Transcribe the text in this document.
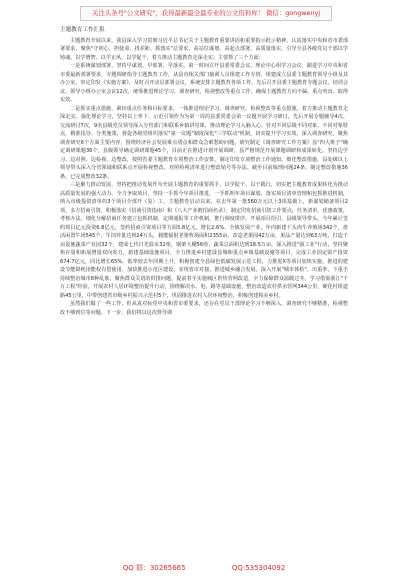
关注头条号"公文研究"，获得最新最全最专业的公文资料库！ 微信：gongwenyj

主题教育工作汇报

主题教育开展以来，我县深入学习贯彻习近平总书记关于主题教育重要讲话和重要指示批示精神，认真落实中央和省市委部署要求，聚焦"守初心、担使命，找差距、抓落实"总要求，高站位谋划、高起点部署、高质量落实，引导全县各级党员干部以学铸魂、以学增智、以学正风、以学促干，着力推动主题教育走深走实。主要抓了三个方面：

一是系统谋划部署，坚持早谋划、早部署、早落实。第一时间召开县委常委会议、理论中心组学习会议，跟进学习中央和省市委最新部署要求，专题调研指导主题教育工作，从县直相关部门抽调人员组建工作专班，组建成立县委主题教育领导小组及其办公室，审定印发《实施方案》，及时召开动员部署会议，系统安排主题教育各项工作。先后召开县委主题教育专题会议，培训会议、领导小组办公室会议12次，统筹推进理论学习、调查研究、检视整改等重点工作，确保主题教育方向不偏、重点突出、取得实效。

二是抓实重点措施，紧扣重点任务和目标要求，一体推进理论学习、调查研究、检视整改等重点措施。着力推动主题教育走深走实。强化理论学习，坚持以上率下、示范引领作为为第一周的县委常委会第一议题开展学习研讨，先后开展专题辅导4次、交流研讨7次，9名县级党员领导深入分管部门和联系乡镇讲党课，推动理论学习入脑入心。针对不同层级不同对象、不同对象特点，精准指导、分类施策，督促各级党组织落实"第一议题"制度深化"三学联动"机制，切实提升学习实效。深入调查研究，聚焦调查研究6个方面主要内容，围绕经济社会发展难点堵点和群众急难愁盼问题，研究制定《调查研究工作方案》县"四大班子"确定调研课题36个，县级领导确定调研课题45个，目前正在推进计划开展调研，县严格规范开展课题调研和成果转化。坚持边学习、边对照、边检视、边整改，按照省委主题教育专项整治工作安排，制定印发专项整治工作通知，细化整改措施，县处级以上领导带头深入分管领域和联系点开展检视整改，对照检视清单进行整改销号等办法。截至目前梳理问题24条，制定整改措施36条，已完成整改32条。

三是聚力推动发展，坚持把推动发展作为开展主题教育的重要抓手，以学促干、以干践行，切实把主题教育成果转化为推动高质量发展的强大动力。全力争取项目，坚持一手抓今年项目推进，一手抓明年项目谋划，落实项目清单管理和包抓推进机制，纳入市级投资清单的3个项目全部开（复）工，主题教育启动以来，在去年第一批560万元以上3项基础上，新谋划储备项目2项，多方招商引资，积极落实《招商引资指南》和《八大产业链招商名录》，制定印发招商引资工作要点，任务清单，优惠政策，考核办法，细化分解招商任务建立包抓机制，定期通报等工作机制，推行调度排序，开展项目招引，县级领导带头，今年累计签约项目亿元投资6.8亿元，签约招商引资项目等方面5.8亿元。增长2.6%。全镇发展产业，年内新建千头肉牛养殖场342个，盘活闲置牛场545个，牛饲养量达到24万头，载能辐射老猪牧场面积2355亩，改造老果园42万亩，果品产量达到63万吨，打造千亩设施蔬菜产业园32个，建成七代日光温室32座，钢架大棚56座，蔬菜总面积达到18.5万亩。深入推进"强工业"行动，坚持聚焦存量和拓展增量双向发力，新建基础设施项目，全力推进乡村建设县城和重点乡镇基础设施等项目，完成工业固定资产投资674.7亿元，同比增长65%，低率较去年同期上升，积极创建全县绿色低碳发展示范工程，力推进X等项目加快实施，推进的建设节能降耗用能权有偿使用，加快推进示范区建设，实现省市对接，推进城乡融合发展。深入开展"城市体检"，出重拳，下重手持续整治城市8种乱象，聚焦群众关切的供排问题，提前着手实施城区供热管网改造，全力保障群众温暖过冬，学习借鉴浙江"千万工程"经验，开展农村人居环境整治提升行动，围绕解决水、电、路等基础设施，整治改造农村供水管网344公里，硬化村组道路45公里，中带创建省市级乡村振兴示范村5个，巩固推进农村人居环境整治，积极创建和美乡村。

虽然我们做了一些工作，但从真对标党中央和省市委要求，还存在党员干部理论学习不够深入，调查研究不够精准，检视整改不够到位等问题。下一步，我们将以这次督导调

QQ 群：30265665	QQ:535304092
